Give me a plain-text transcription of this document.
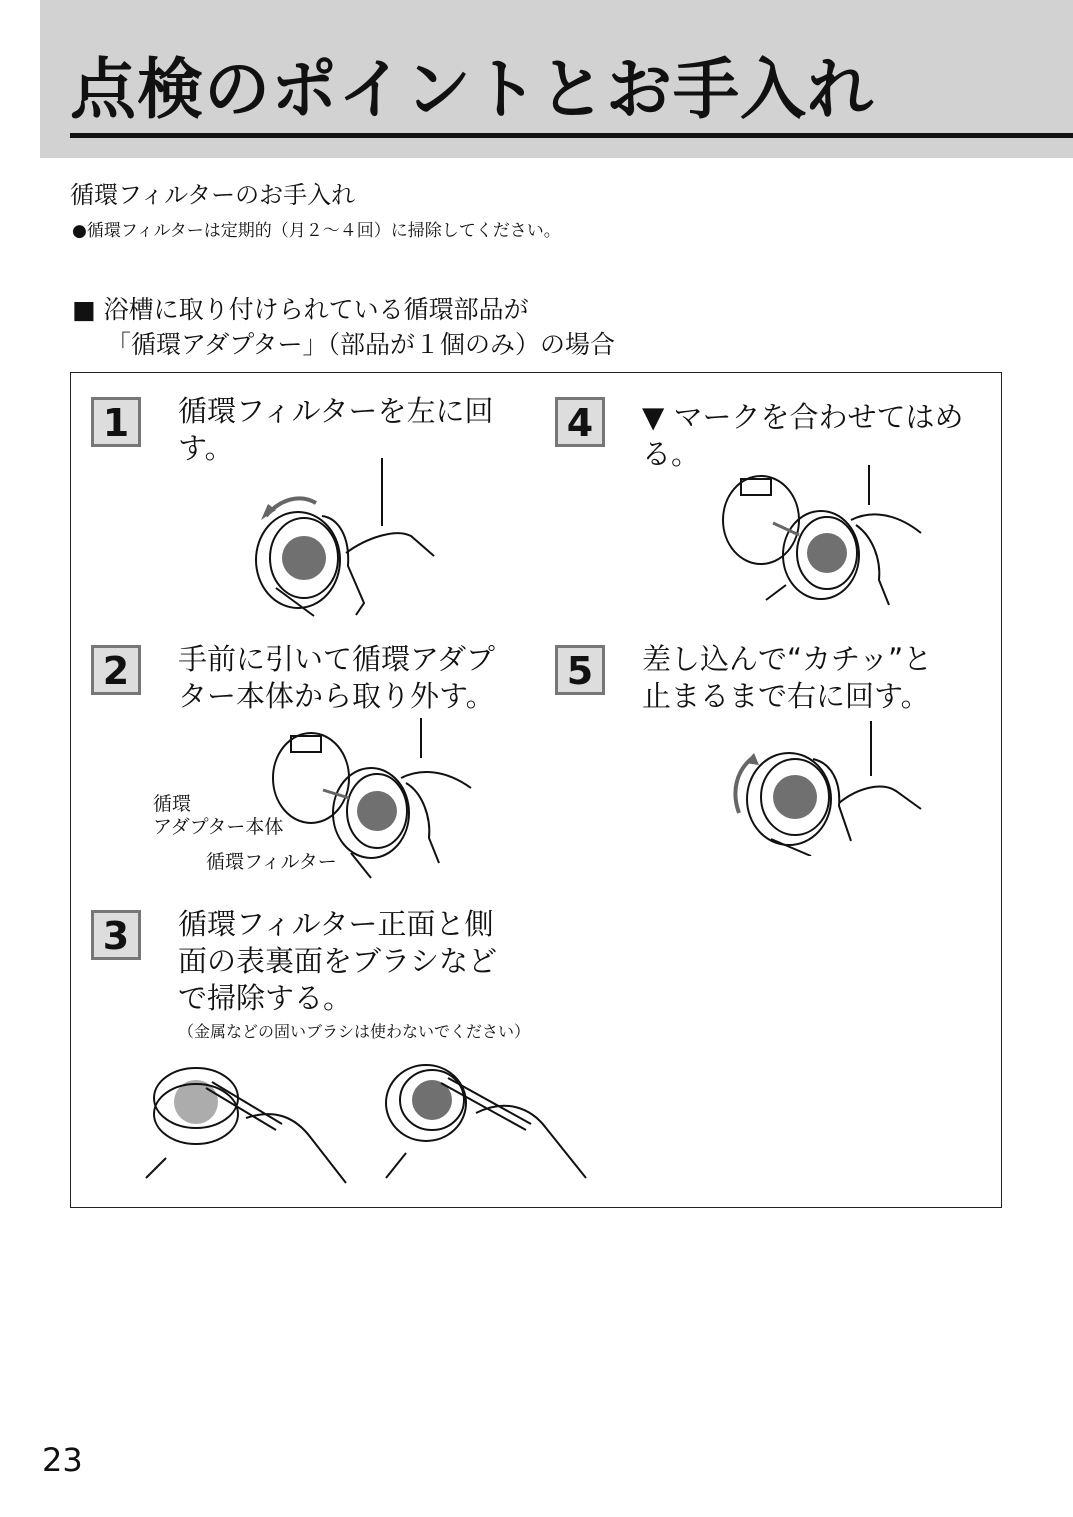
点検のポイントとお手入れ
循環フィルターのお手入れ
●循環フィルターは定期的（月２～４回）に掃除してください。
■ 浴槽に取り付けられている循環部品が
「循環アダプター」（部品が１個のみ）の場合
1	循環フィルターを左に回
す。
2	手前に引いて循環アダプ
ター本体から取り外す。
循環
アダプター本体
循環フィルター
3	循環フィルター正面と側
面の表裏面をブラシなど
で掃除する。
（金属などの固いブラシは使わないでください）
4	▼ マークを合わせてはめ
る。
5	差し込んで“カチッ”と
止まるまで右に回す。
23
